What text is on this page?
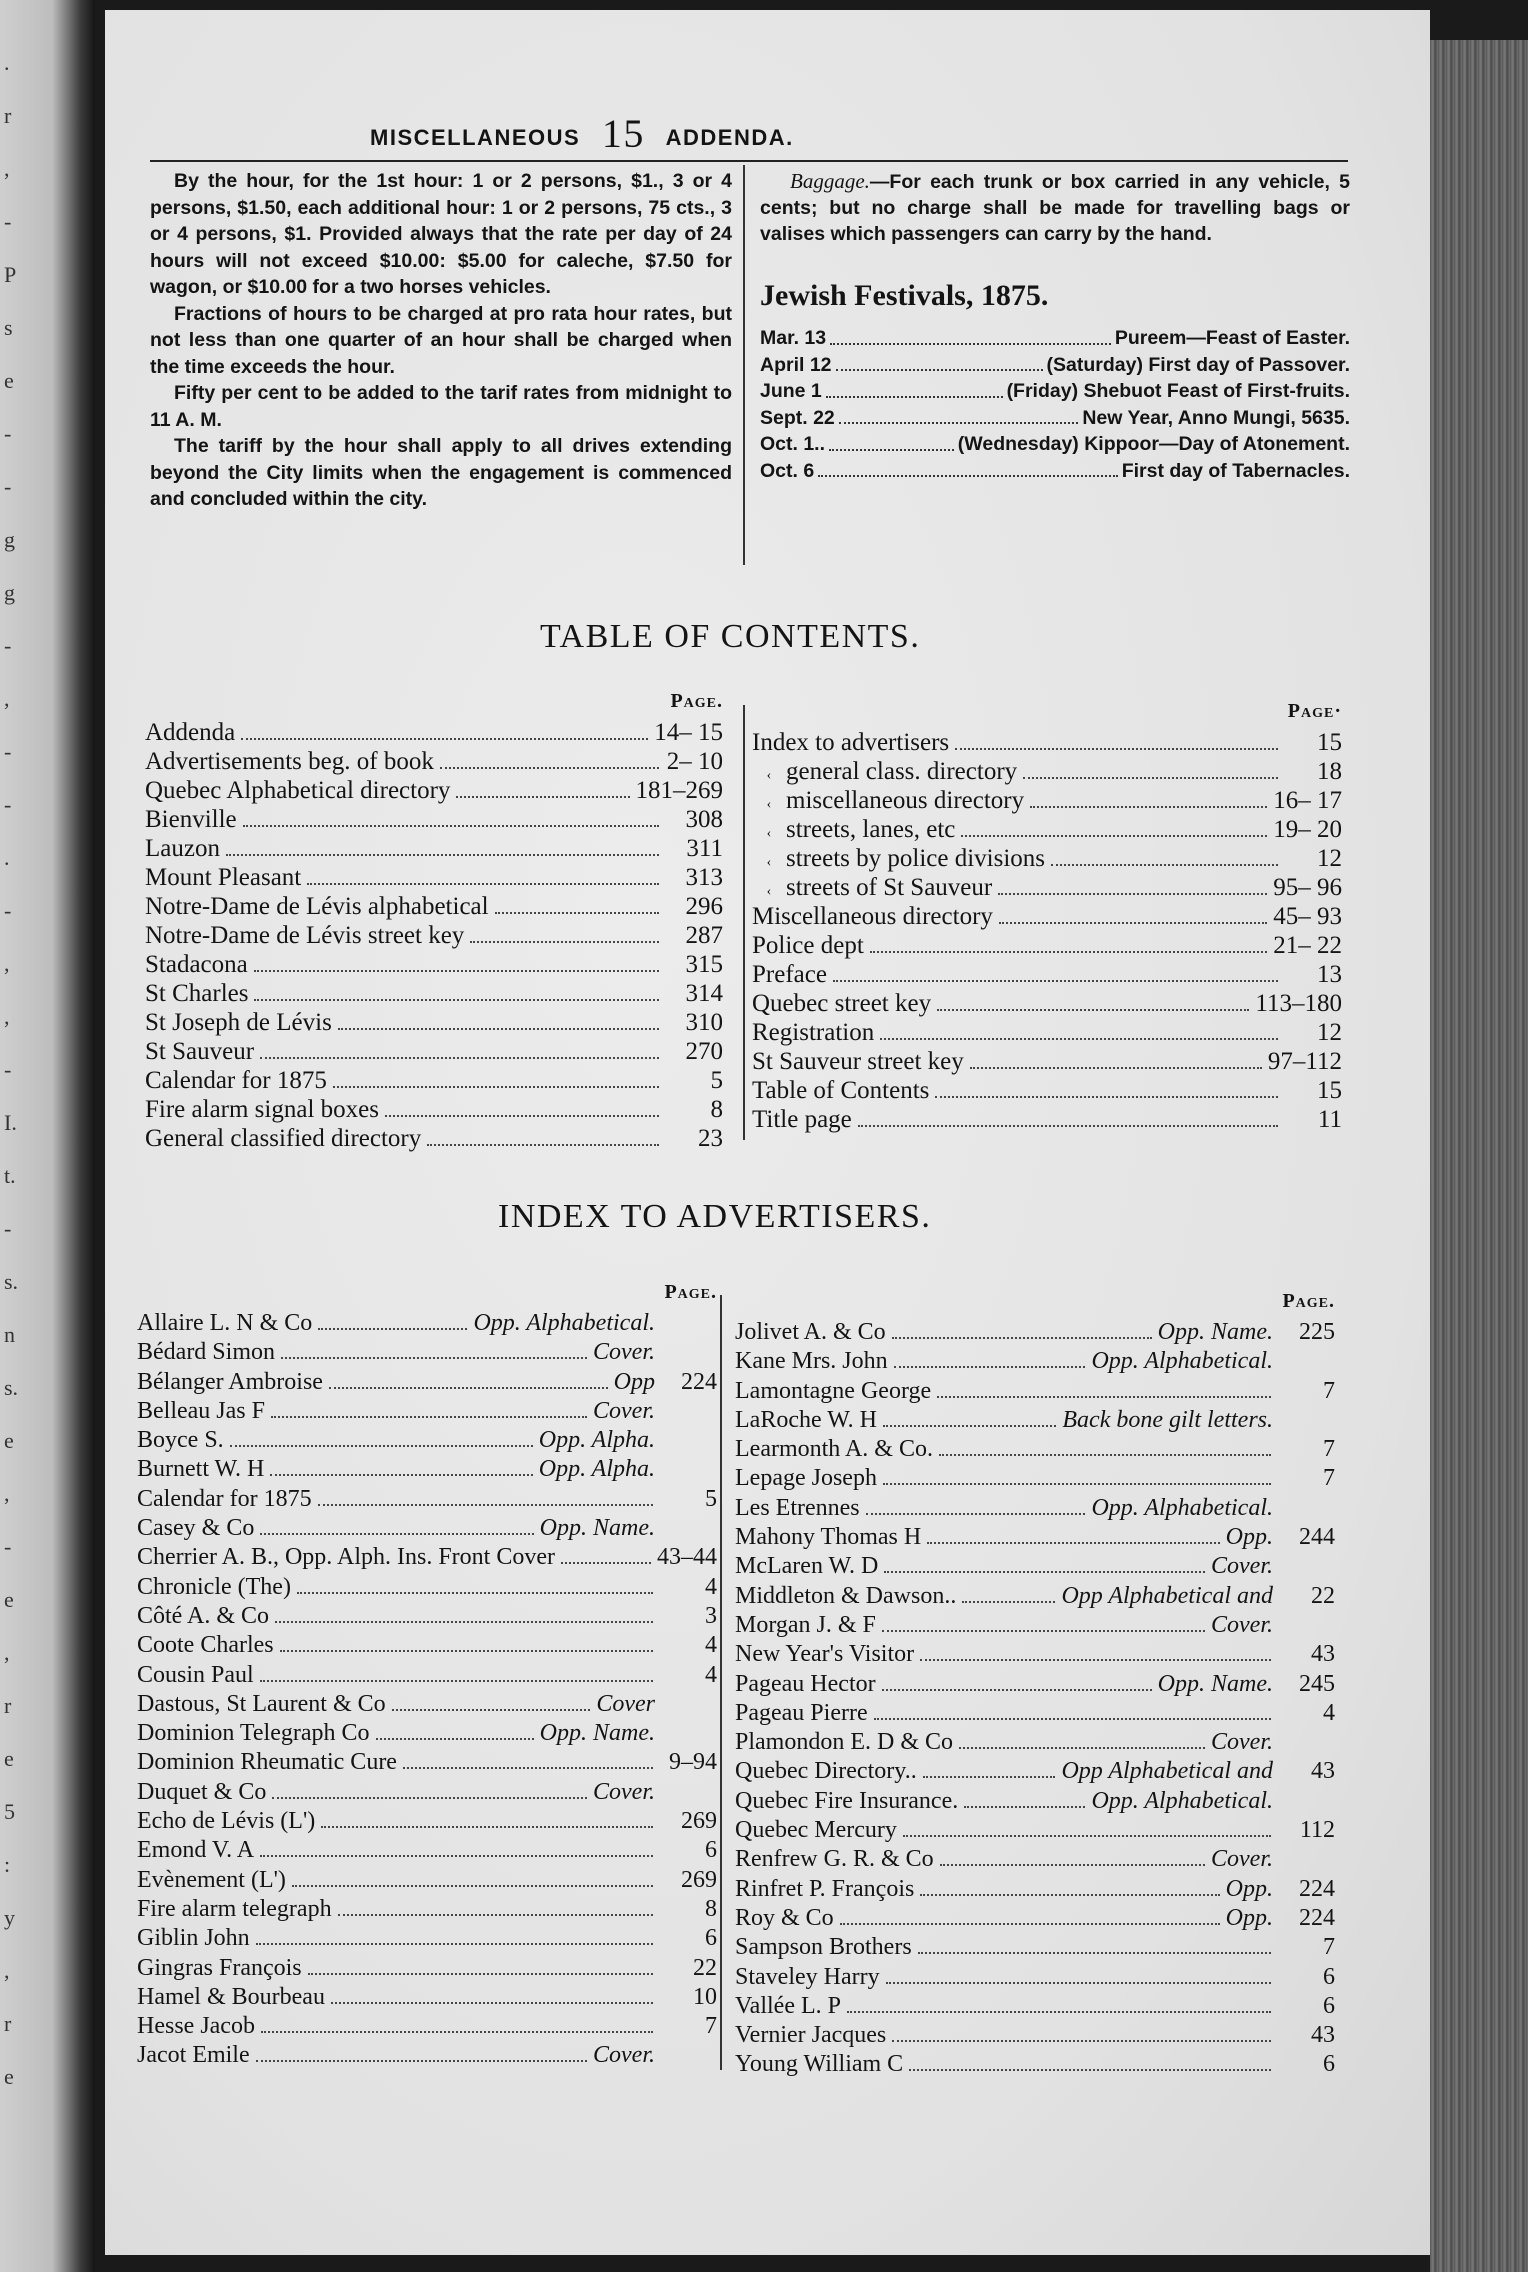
.
r
,
-
P
s
e
-
-
g
g
-
,
-
-
.
-
,
,
-
I.
t.
-
s.
n
s.
e
,
-
e
,
r
e
5
:
y
,
r
e
MISCELLANEOUS 15 ADDENDA.

By the hour, for the 1st hour: 1 or 2 persons, $1., 3 or 4 persons, $1.50, each additional hour: 1 or 2 persons, 75 cts., 3 or 4 persons, $1. Provided always that the rate per day of 24 hours will not exceed $10.00: $5.00 for caleche, $7.50 for wagon, or $10.00 for a two horses vehicles.

Fractions of hours to be charged at pro rata hour rates, but not less than one quarter of an hour shall be charged when the time exceeds the hour.

Fifty per cent to be added to the tarif rates from midnight to 11 A. M.

The tariff by the hour shall apply to all drives extending beyond the City limits when the engagement is commenced and concluded within the city.

Baggage.—For each trunk or box carried in any vehicle, 5 cents; but no charge shall be made for travelling bags or valises which passengers can carry by the hand.

Jewish Festivals, 1875.
Mar. 13	Pureem—Feast of Easter.
April 12	(Saturday) First day of Passover.
June 1	(Friday) Shebuot Feast of First-fruits.
Sept. 22	New Year, Anno Mungi, 5635.
Oct. 1..	(Wednesday) Kippoor—Day of Atonement.
Oct. 6	First day of Tabernacles.
TABLE OF CONTENTS.
Page.
Addenda	14– 15
Advertisements beg. of book	2– 10
Quebec Alphabetical directory	181–269
Bienville	308
Lauzon	311
Mount Pleasant	313
Notre-Dame de Lévis alphabetical	296
Notre-Dame de Lévis street key	287
Stadacona	315
St Charles	314
St Joseph de Lévis	310
St Sauveur	270
Calendar for 1875	5
Fire alarm signal boxes	8
General classified directory	23
Page·
Index to advertisers	15
‹ general class. directory	18
‹ miscellaneous directory	16– 17
‹ streets, lanes, etc	19– 20
‹ streets by police divisions	12
‹ streets of St Sauveur	95– 96
Miscellaneous directory	45– 93
Police dept	21– 22
Preface	13
Quebec street key	113–180
Registration	12
St Sauveur street key	97–112
Table of Contents	15
Title page	11
INDEX TO ADVERTISERS.
Page.
Allaire L. N & Co	Opp. Alphabetical.
Bédard Simon	Cover.
Bélanger Ambroise	Opp	224
Belleau Jas F	Cover.
Boyce S.	Opp. Alpha.
Burnett W. H	Opp. Alpha.
Calendar for 1875	5
Casey & Co	Opp. Name.
Cherrier A. B., Opp. Alph. Ins. Front Cover	43–44
Chronicle (The)	4
Côté A. & Co	3
Coote Charles	4
Cousin Paul	4
Dastous, St Laurent & Co	Cover
Dominion Telegraph Co	Opp. Name.
Dominion Rheumatic Cure	9–94
Duquet & Co	Cover.
Echo de Lévis (L')	269
Emond V. A	6
Evènement (L')	269
Fire alarm telegraph	8
Giblin John	6
Gingras François	22
Hamel & Bourbeau	10
Hesse Jacob	7
Jacot Emile	Cover.
Page.
Jolivet A. & Co	Opp. Name.	225
Kane Mrs. John	Opp. Alphabetical.
Lamontagne George	7
LaRoche W. H	Back bone gilt letters.
Learmonth A. & Co.	7
Lepage Joseph	7
Les Etrennes	Opp. Alphabetical.
Mahony Thomas H	Opp.	244
McLaren W. D	Cover.
Middleton & Dawson..	Opp Alphabetical and	22
Morgan J. & F	Cover.
New Year's Visitor	43
Pageau Hector	Opp. Name.	245
Pageau Pierre	4
Plamondon E. D & Co	Cover.
Quebec Directory..	Opp Alphabetical and	43
Quebec Fire Insurance.	Opp. Alphabetical.
Quebec Mercury	112
Renfrew G. R. & Co	Cover.
Rinfret P. François	Opp.	224
Roy & Co	Opp.	224
Sampson Brothers	7
Staveley Harry	6
Vallée L. P	6
Vernier Jacques	43
Young William C	6
